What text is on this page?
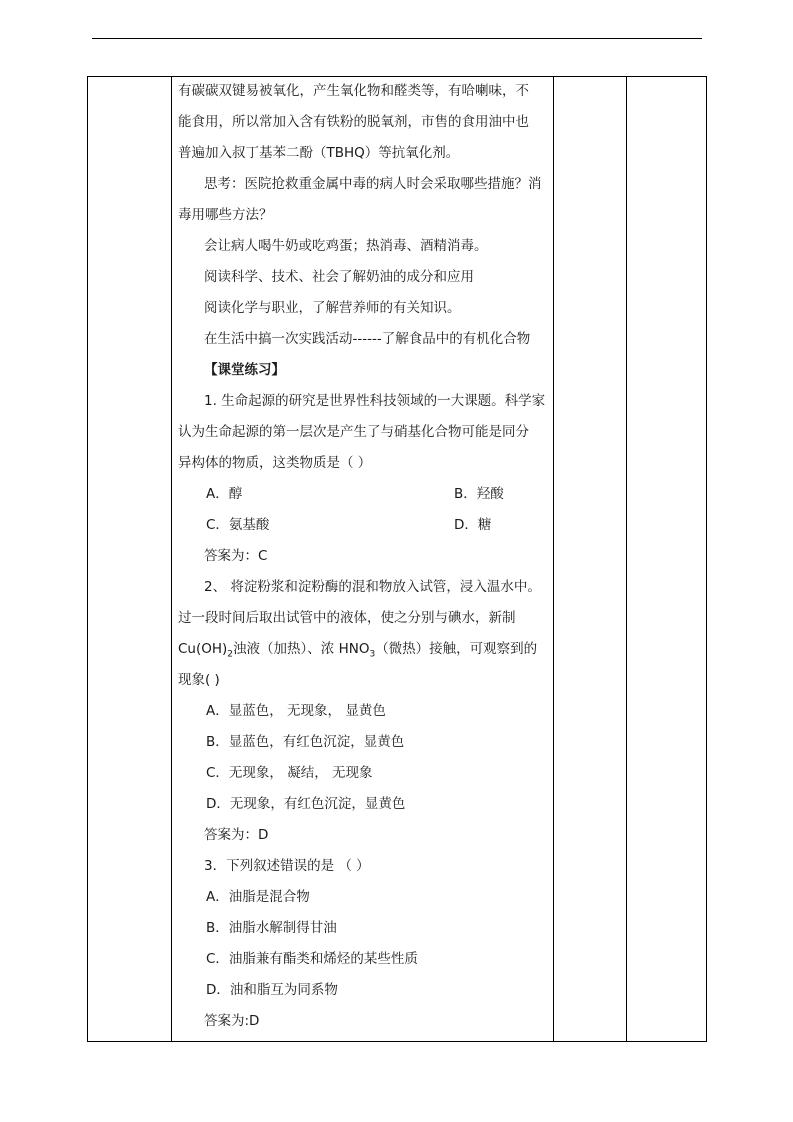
有碳碳双键易被氧化，产生氧化物和醛类等，有哈喇味，不
能食用，所以常加入含有铁粉的脱氧剂，市售的食用油中也
普遍加入叔丁基苯二酚（TBHQ）等抗氧化剂。
思考：医院抢救重金属中毒的病人时会采取哪些措施？消
毒用哪些方法？
会让病人喝牛奶或吃鸡蛋；热消毒、酒精消毒。
阅读科学、技术、社会了解奶油的成分和应用
阅读化学与职业，了解营养师的有关知识。
在生活中搞一次实践活动------了解食品中的有机化合物
【课堂练习】
1. 生命起源的研究是世界性科技领域的一大课题。科学家
认为生命起源的第一层次是产生了与硝基化合物可能是同分
异构体的物质，这类物质是（ ）
A．醇	B．羟酸
C．氨基酸	D．糖
答案为：C
2、 将淀粉浆和淀粉酶的混和物放入试管，浸入温水中。
过一段时间后取出试管中的液体，使之分别与碘水，新制
$Cu(OH)_2$浊液（加热）、浓 $HNO_3$（微热）接触，可观察到的
现象( )
A．显蓝色， 无现象， 显黄色
B．显蓝色，有红色沉淀，显黄色
C．无现象， 凝结， 无现象
D．无现象，有红色沉淀，显黄色
答案为：D
3．下列叙述错误的是 （ ）
A．油脂是混合物
B．油脂水解制得甘油
C．油脂兼有酯类和烯烃的某些性质
D．油和脂互为同系物
答案为:D
